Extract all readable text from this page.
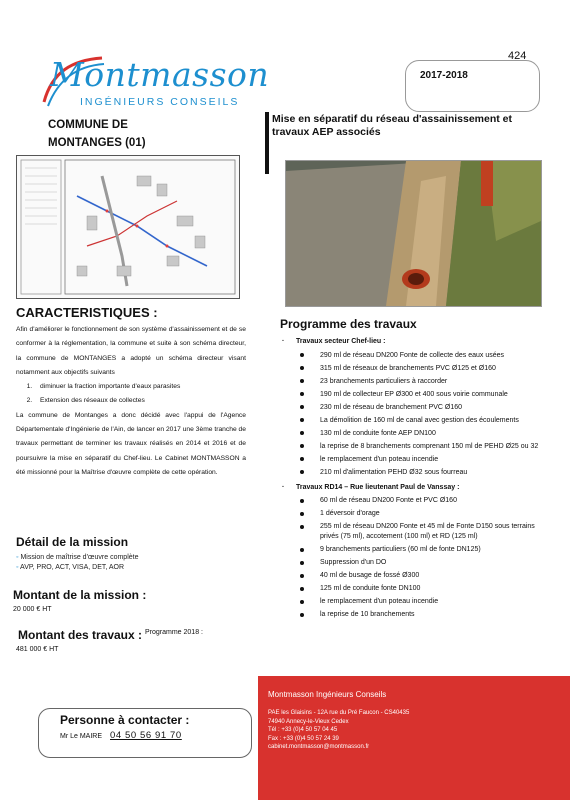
424
Montmasson
INGÉNIEURS CONSEILS
2017-2018
COMMUNE DE
MONTANGES (01)
Mise en séparatif du réseau d'assainissement et travaux AEP associés
CARACTERISTIQUES :

Afin d'améliorer le fonctionnement de son système d'assainissement et de se conformer à la réglementation, la commune et suite à son schéma directeur, la commune de MONTANGES a adopté un schéma directeur visant notamment aux objectifs suivants

1. diminuer la fraction importante d'eaux parasites
2. Extension des réseaux de collectes

La commune de Montanges a donc décidé avec l'appui de l'Agence Départementale d'Ingénierie de l'Ain, de lancer en 2017 une 3ème tranche de travaux permettant de terminer les travaux réalisés en 2014 et 2016 et de poursuivre la mise en séparatif du Chef-lieu. Le Cabinet MONTMASSON a été missionné pour la Maîtrise d'œuvre complète de cette opération.

Détail de la mission
◦ Mission de maîtrise d'œuvre complète
◦ AVP, PRO, ACT, VISA, DET, AOR
Montant de la mission :
20 000 € HT
Montant des travaux : Programme 2018 :
481 000 € HT
Personne à contacter :
Mr Le MAIRE 04 50 56 91 70
Programme des travaux
· Travaux secteur Chef-lieu :
290 ml de réseau DN200 Fonte de collecte des eaux usées
315 ml de réseaux de branchements PVC Ø125 et Ø160
23 branchements particuliers à raccorder
190 ml de collecteur EP Ø300 et 400 sous voirie communale
230 ml de réseau de branchement PVC Ø160
La démolition de 160 ml de canal avec gestion des écoulements
130 ml de conduite fonte AEP DN100
la reprise de 8 branchements comprenant 150 ml de PEHD Ø25 ou 32
le remplacement d'un poteau incendie
210 ml d'alimentation PEHD Ø32 sous fourreau
· Travaux RD14 – Rue lieutenant Paul de Vanssay :
60 ml de réseau DN200 Fonte et PVC Ø160
1 déversoir d'orage
255 ml de réseau DN200 Fonte et 45 ml de Fonte D150 sous terrains privés (75 ml), accotement (100 ml) et RD (125 ml)
9 branchements particuliers (60 ml de fonte DN125)
Suppression d'un DO
40 ml de busage de fossé Ø300
125 ml de conduite fonte DN100
le remplacement d'un poteau incendie
la reprise de 10 branchements
Montmasson Ingénieurs Conseils
PAE les Glaisins - 12A rue du Pré Faucon - CS40435
74940 Annecy-le-Vieux Cedex
Tél : +33 (0)4 50 57 04 45
Fax : +33 (0)4 50 57 24 39
cabinet.montmasson@montmasson.fr
